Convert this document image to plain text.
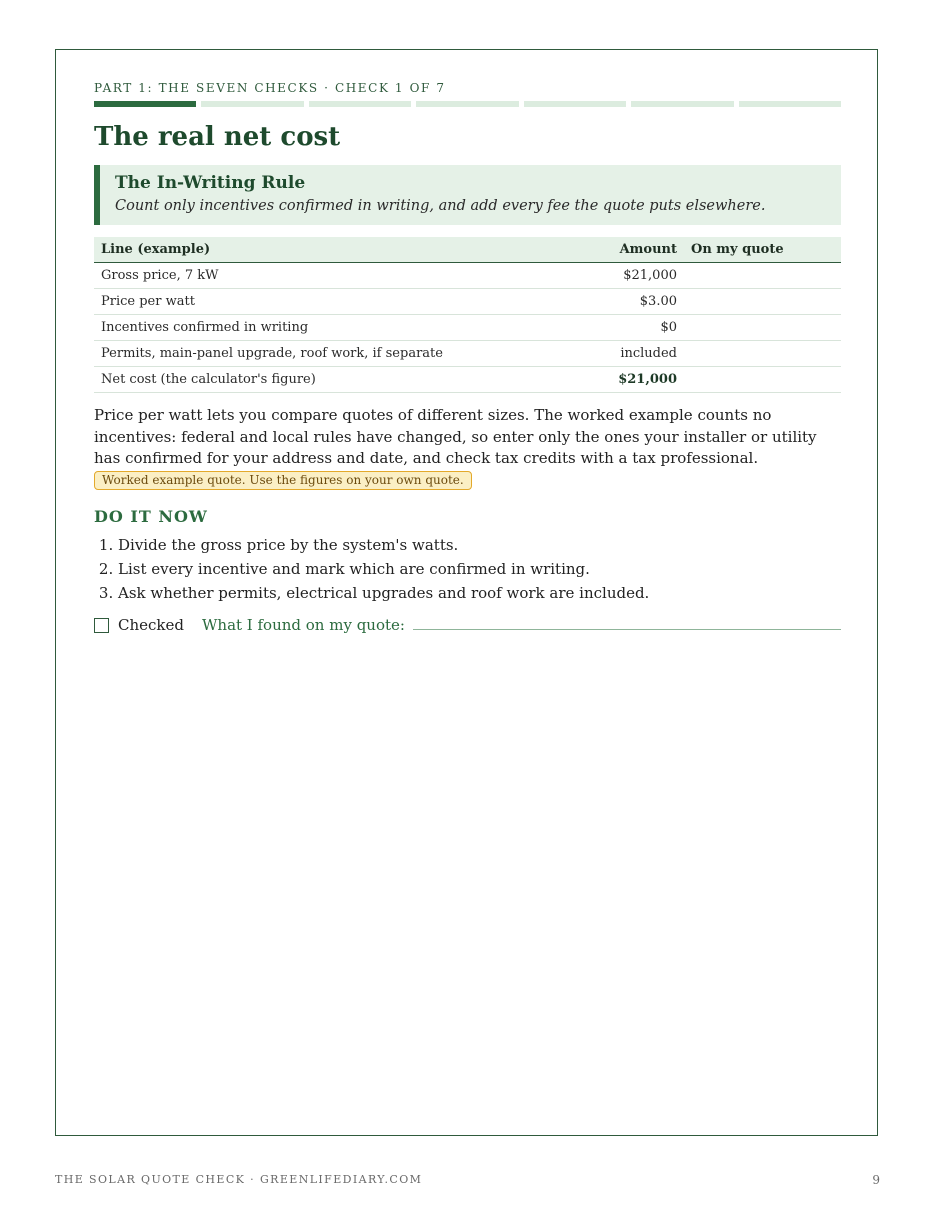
PART 1: THE SEVEN CHECKS · CHECK 1 OF 7
The real net cost
The In-Writing Rule
Count only incentives confirmed in writing, and add every fee the quote puts elsewhere.
Line (example)	Amount	On my quote
Gross price, 7 kW	$21,000	
Price per watt	$3.00	
Incentives confirmed in writing	$0	
Permits, main-panel upgrade, roof work, if separate	included	
Net cost (the calculator's figure)	$21,000	
Price per watt lets you compare quotes of different sizes. The worked example counts no incentives: federal and local rules have changed, so enter only the ones your installer or utility has confirmed for your address and date, and check tax credits with a tax professional. Worked example quote. Use the figures on your own quote.
DO IT NOW
1. Divide the gross price by the system's watts.
2. List every incentive and mark which are confirmed in writing.
3. Ask whether permits, electrical upgrades and roof work are included.
Checked What I found on my quote:
THE SOLAR QUOTE CHECK · GREENLIFEDIARY.COM	9
